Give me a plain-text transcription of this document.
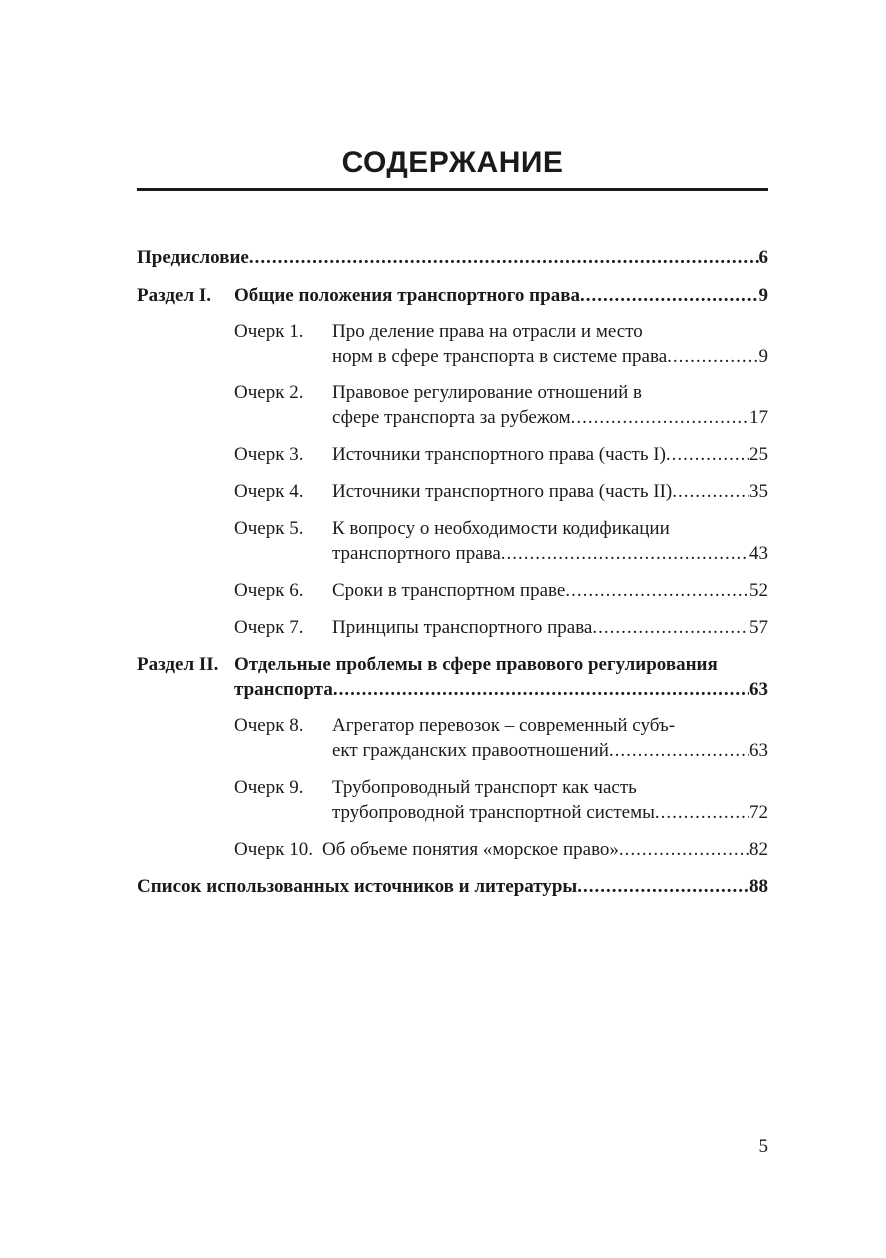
СОДЕРЖАНИЕ
Предисловие .....	6
Раздел I. Общие положения транспортного права .....	9
Очерк 1. Про деление права на отрасли и место
норм в сфере транспорта в системе права .....	9
Очерк 2. Правовое регулирование отношений в
сфере транспорта за рубежом .....	17
Очерк 3. Источники транспортного права (часть I) .....	25
Очерк 4. Источники транспортного права (часть II) .....	35
Очерк 5. К вопросу о необходимости кодификации
транспортного права .....	43
Очерк 6. Сроки в транспортном праве .....	52
Очерк 7. Принципы транспортного права .....	57
Раздел II. Отдельные проблемы в сфере правового регулирования
транспорта .....	63
Очерк 8. Агрегатор перевозок – современный субъ-
ект гражданских правоотношений .....	63
Очерк 9. Трубопроводный транспорт как часть
трубопроводной транспортной системы .....	72
Очерк 10. Об объеме понятия «морское право» .....	82
Список использованных источников и литературы .....	88
5
